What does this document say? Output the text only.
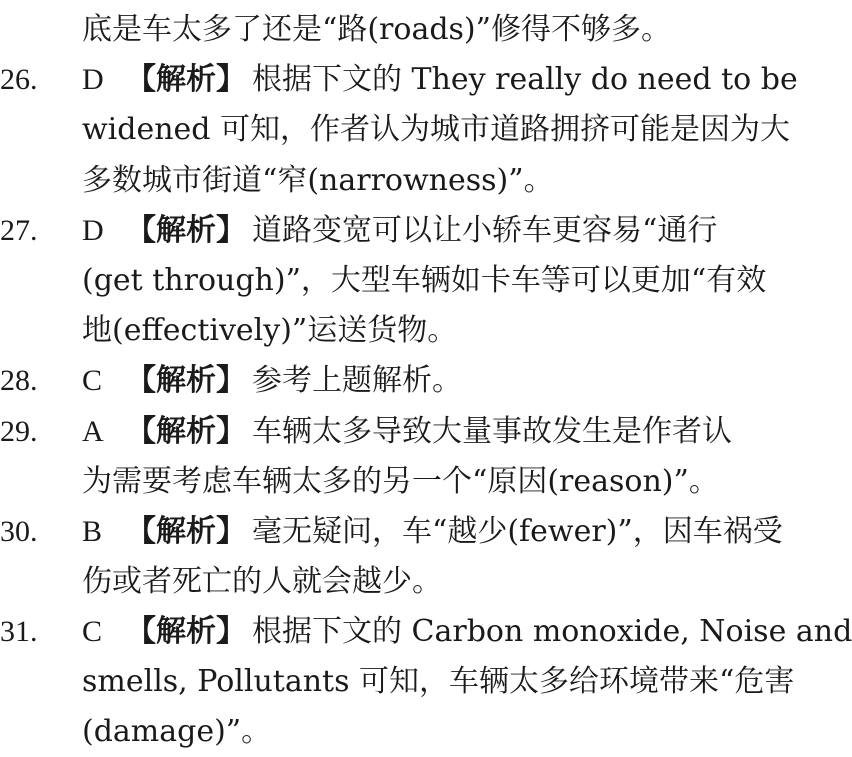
底是车太多了还是“路(roads)”修得不够多。
26. D 【解析】 根据下文的 They really do need to be
widened 可知，作者认为城市道路拥挤可能是因为大
多数城市街道“窄(narrowness)”。
27. D 【解析】 道路变宽可以让小轿车更容易“通行
(get through)”，大型车辆如卡车等可以更加“有效
地(effectively)”运送货物。
28. C 【解析】 参考上题解析。
29. A 【解析】 车辆太多导致大量事故发生是作者认
为需要考虑车辆太多的另一个“原因(reason)”。
30. B 【解析】 毫无疑问，车“越少(fewer)”，因车祸受
伤或者死亡的人就会越少。
31. C 【解析】 根据下文的 Carbon monoxide, Noise and
smells, Pollutants 可知，车辆太多给环境带来“危害
(damage)”。
